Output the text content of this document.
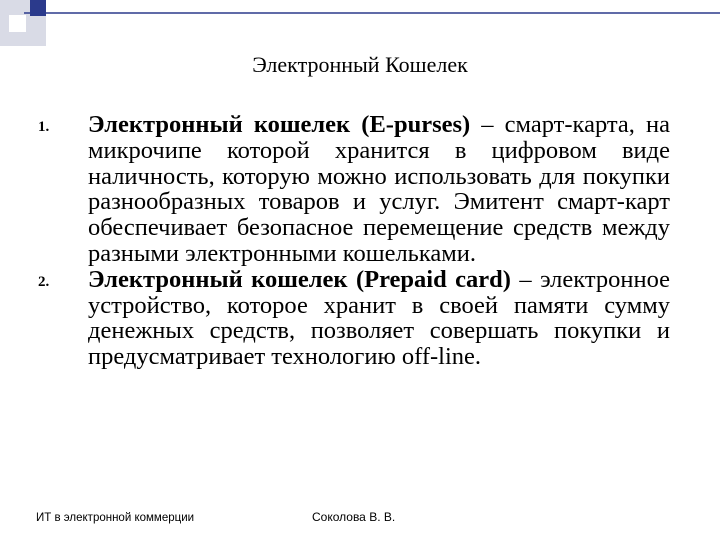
Электронный Кошелек
1. Электронный кошелек (E-purses) – смарт-карта, на микрочипе которой хранится в цифровом виде наличность, которую можно использовать для покупки разнообразных товаров и услуг. Эмитент смарт-карт обеспечивает безопасное перемещение средств между разными электронными кошельками.
2. Электронный кошелек (Prepaid card) – электронное устройство, которое хранит в своей памяти сумму денежных средств, позволяет совершать покупки и предусматривает технологию off-line.
ИТ в электронной коммерции	Соколова В. В.
